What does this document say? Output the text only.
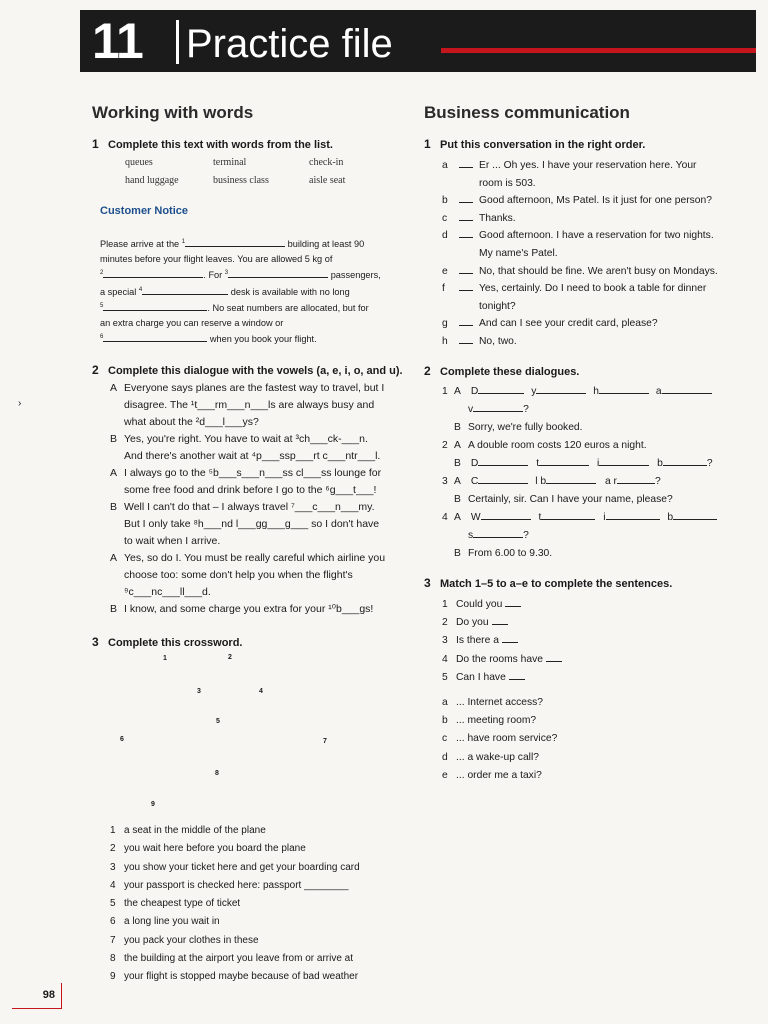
11 Practice file
Working with words
1 Complete this text with words from the list.
queues	terminal	check-in
hand luggage	business class	aisle seat
Customer Notice
Please arrive at the $^1$	building at least 90
minutes before your flight leaves. You are allowed 5 kg of
$^2$	. For $^3$	passengers,
a special $^4$	desk is available with no long
$^5$	. No seat numbers are allocated, but for
an extra charge you can reserve a window or
$^6$	when you book your flight.
›
2 Complete this dialogue with the vowels (a, e, i, o, and u).
A Everyone says planes are the fastest way to travel, but I
disagree. The ¹t___rm___n___ls are always busy and
what about the ²d___l___ys?
B Yes, you're right. You have to wait at ³ch___ck-___n.
And there's another wait at ⁴p___ssp___rt c___ntr___l.
A I always go to the ⁵b___s___n___ss cl___ss lounge for
some free food and drink before I go to the ⁶g___t___!
B Well I can't do that – I always travel ⁷___c___n___my.
But I only take ⁸h___nd l___gg___g___ so I don't have
to wait when I arrive.
A Yes, so do I. You must be really careful which airline you
choose too: some don't help you when the flight's
⁹c___nc___ll___d.
B I know, and some charge you extra for your ¹⁰b___gs!
3 Complete this crossword.
1	2
3	4
5
6	7
8
9
1 a seat in the middle of the plane
2 you wait here before you board the plane
3 you show your ticket here and get your boarding card
4 your passport is checked here: passport ________
5 the cheapest type of ticket
6 a long line you wait in
7 you pack your clothes in these
8 the building at the airport you leave from or arrive at
9 your flight is stopped maybe because of bad weather
Business communication
1 Put this conversation in the right order.
a	Er ... Oh yes. I have your reservation here. Your
room is 503.
b	Good afternoon, Ms Patel. Is it just for one person?
c	Thanks.
d	Good afternoon. I have a reservation for two nights.
My name's Patel.
e	No, that should be fine. We aren't busy on Mondays.
f	Yes, certainly. Do I need to book a table for dinner
tonight?
g	And can I see your credit card, please?
h	No, two.
2 Complete these dialogues.
1 A D	y	h	a
v	?
B Sorry, we're fully booked.
2 A A double room costs 120 euros a night.
B D	t	i	b	?
3 A C	l b	a r	?
B Certainly, sir. Can I have your name, please?
4 A W	t	i	b
s	?
B From 6.00 to 9.30.
3 Match 1–5 to a–e to complete the sentences.
1 Could you
2 Do you
3 Is there a
4 Do the rooms have
5 Can I have
a ... Internet access?
b ... meeting room?
c ... have room service?
d ... a wake-up call?
e ... order me a taxi?
98
